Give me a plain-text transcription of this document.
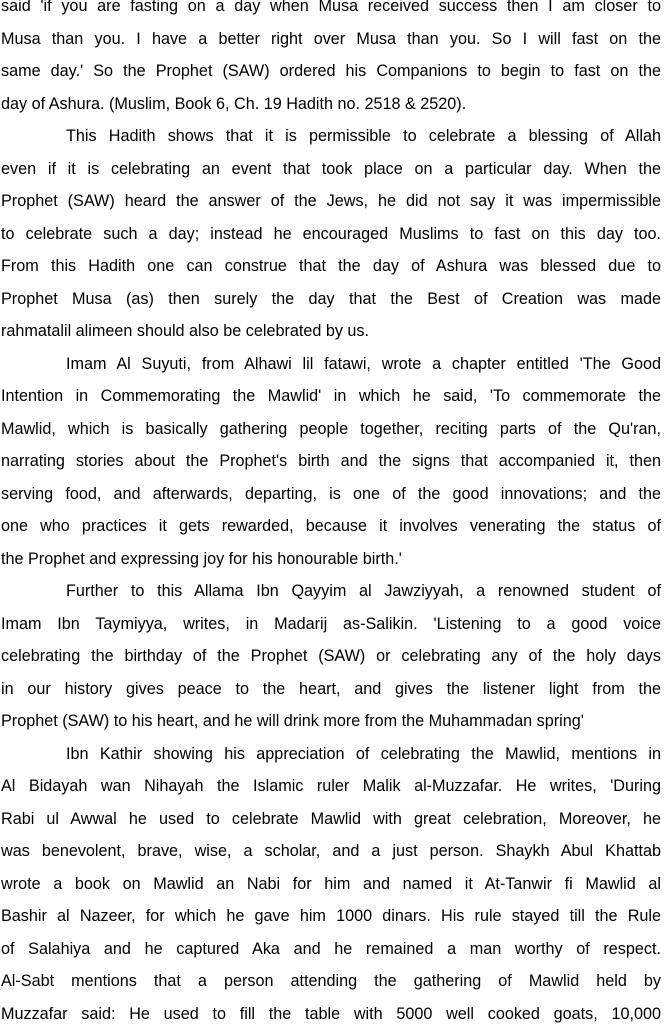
said 'if you are fasting on a day when Musa received success then I am closer to
Musa than you. I have a better right over Musa than you. So I will fast on the
same day.' So the Prophet (SAW) ordered his Companions to begin to fast on the
day of Ashura. (Muslim, Book 6, Ch. 19 Hadith no. 2518 & 2520).
This Hadith shows that it is permissible to celebrate a blessing of Allah
even if it is celebrating an event that took place on a particular day. When the
Prophet (SAW) heard the answer of the Jews, he did not say it was impermissible
to celebrate such a day; instead he encouraged Muslims to fast on this day too.
From this Hadith one can construe that the day of Ashura was blessed due to
Prophet Musa (as) then surely the day that the Best of Creation was made
rahmatalil alimeen should also be celebrated by us.
Imam Al Suyuti, from Alhawi lil fatawi, wrote a chapter entitled 'The Good
Intention in Commemorating the Mawlid' in which he said, 'To commemorate the
Mawlid, which is basically gathering people together, reciting parts of the Qu'ran,
narrating stories about the Prophet's birth and the signs that accompanied it, then
serving food, and afterwards, departing, is one of the good innovations; and the
one who practices it gets rewarded, because it involves venerating the status of
the Prophet and expressing joy for his honourable birth.'
Further to this Allama Ibn Qayyim al Jawziyyah, a renowned student of
Imam Ibn Taymiyya, writes, in Madarij as-Salikin. 'Listening to a good voice
celebrating the birthday of the Prophet (SAW) or celebrating any of the holy days
in our history gives peace to the heart, and gives the listener light from the
Prophet (SAW) to his heart, and he will drink more from the Muhammadan spring'
Ibn Kathir showing his appreciation of celebrating the Mawlid, mentions in
Al Bidayah wan Nihayah the Islamic ruler Malik al-Muzzafar. He writes, 'During
Rabi ul Awwal he used to celebrate Mawlid with great celebration, Moreover, he
was benevolent, brave, wise, a scholar, and a just person. Shaykh Abul Khattab
wrote a book on Mawlid an Nabi for him and named it At-Tanwir fi Mawlid al
Bashir al Nazeer, for which he gave him 1000 dinars. His rule stayed till the Rule
of Salahiya and he captured Aka and he remained a man worthy of respect.
Al-Sabt mentions that a person attending the gathering of Mawlid held by
Muzzafar said: He used to fill the table with 5000 well cooked goats, 10,000
